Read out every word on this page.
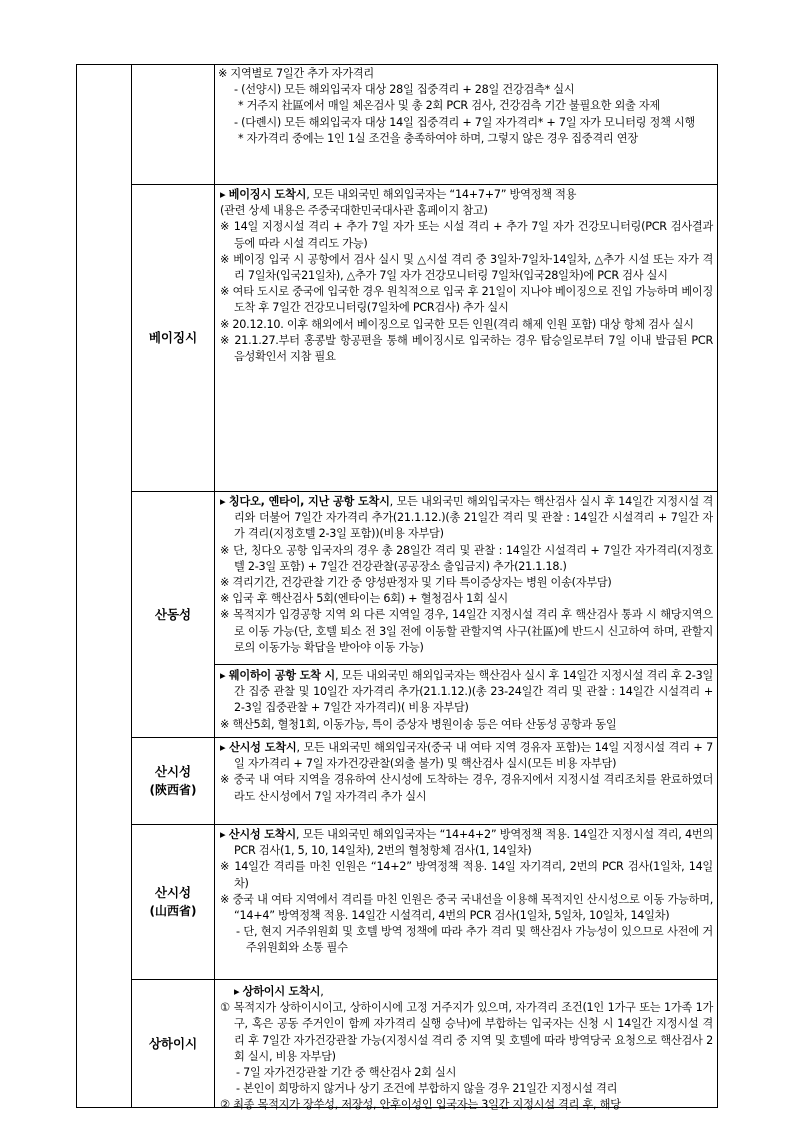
※ 지역별로 7일간 추가 자가격리

- (선양시) 모든 해외입국자 대상 28일 집중격리 + 28일 건강검측* 실시

* 거주지 社區에서 매일 체온검사 및 총 2회 PCR 검사, 건강검측 기간 불필요한 외출 자제

- (다롄시) 모든 해외입국자 대상 14일 집중격리 + 7일 자가격리* + 7일 자가 모니터링 정책 시행

* 자가격리 중에는 1인 1실 조건을 충족하여야 하며, 그렇지 않은 경우 집중격리 연장

베이징시

▸ 베이징시 도착시, 모든 내외국민 해외입국자는 “14+7+7” 방역정책 적용

(관련 상세 내용은 주중국대한민국대사관 홈페이지 참고)

※ 14일 지정시설 격리 + 추가 7일 자가 또는 시설 격리 + 추가 7일 자가 건강모니터링(PCR 검사결과 등에 따라 시설 격리도 가능)

※ 베이징 입국 시 공항에서 검사 실시 및 △시설 격리 중 3일차·7일차·14일차, △추가 시설 또는 자가 격리 7일차(입국21일차), △추가 7일 자가 건강모니터링 7일차(입국28일차)에 PCR 검사 실시

※ 여타 도시로 중국에 입국한 경우 원칙적으로 입국 후 21일이 지나야 베이징으로 진입 가능하며 베이징 도착 후 7일간 건강모니터링(7일차에 PCR검사) 추가 실시

※ 20.12.10. 이후 해외에서 베이징으로 입국한 모든 인원(격리 해제 인원 포함) 대상 항체 검사 실시

※ 21.1.27.부터 홍콩발 항공편을 통해 베이징시로 입국하는 경우 탑승일로부터 7일 이내 발급된 PCR 음성확인서 지참 필요

산동성

▸ 칭다오, 옌타이, 지난 공항 도착시, 모든 내외국민 해외입국자는 핵산검사 실시 후 14일간 지정시설 격리와 더불어 7일간 자가격리 추가(21.1.12.)(총 21일간 격리 및 관찰 : 14일간 시설격리 + 7일간 자가 격리(지정호텔 2-3일 포함))(비용 자부담)

※ 단, 칭다오 공항 입국자의 경우 총 28일간 격리 및 관찰 : 14일간 시설격리 + 7일간 자가격리(지정호텔 2-3일 포함) + 7일간 건강관찰(공공장소 출입금지) 추가(21.1.18.)

※ 격리기간, 건강관찰 기간 중 양성판정자 및 기타 특이증상자는 병원 이송(자부담)

※ 입국 후 핵산검사 5회(엔타이는 6회) + 혈청검사 1회 실시

※ 목적지가 입경공항 지역 외 다른 지역일 경우, 14일간 지정시설 격리 후 핵산검사 통과 시 해당지역으로 이동 가능(단, 호텔 퇴소 전 3일 전에 이동할 관할지역 사구(社區)에 반드시 신고하여 하며, 관할지로의 이동가능 확답을 받아야 이동 가능)

▸ 웨이하이 공항 도착 시, 모든 내외국민 해외입국자는 핵산검사 실시 후 14일간 지정시설 격리 후 2-3일간 집중 관찰 및 10일간 자가격리 추가(21.1.12.)(총 23-24일간 격리 및 관찰 : 14일간 시설격리 + 2-3일 집중관찰 + 7일간 자가격리)( 비용 자부담)

※ 핵산5회, 혈청1회, 이동가능, 특이 증상자 병원이송 등은 여타 산동성 공항과 동일

산시성
(陝西省)

▸ 산시성 도착시, 모든 내외국민 해외입국자(중국 내 여타 지역 경유자 포함)는 14일 지정시설 격리 + 7일 자가격리 + 7일 자가건강관찰(외출 불가) 및 핵산검사 실시(모든 비용 자부담)

※ 중국 내 여타 지역을 경유하여 산시성에 도착하는 경우, 경유지에서 지정시설 격리조치를 완료하였더라도 산시성에서 7일 자가격리 추가 실시

산시성
(山西省)

▸ 산시성 도착시, 모든 내외국민 해외입국자는 “14+4+2” 방역정책 적용. 14일간 지정시설 격리, 4번의 PCR 검사(1, 5, 10, 14일차), 2번의 혈청항체 검사(1, 14일차)

※ 14일간 격리를 마친 인원은 “14+2” 방역정책 적용. 14일 자기격리, 2번의 PCR 검사(1일차, 14일차)

※ 중국 내 여타 지역에서 격리를 마친 인원은 중국 국내선을 이용해 목적지인 산시성으로 이동 가능하며, “14+4” 방역정책 적용. 14일간 시설격리, 4번의 PCR 검사(1일차, 5일차, 10일차, 14일차)

- 단, 현지 거주위원회 및 호텔 방역 정책에 따라 추가 격리 및 핵산검사 가능성이 있으므로 사전에 거주위원회와 소통 필수

상하이시

▸ 상하이시 도착시,

① 목적지가 상하이시이고, 상하이시에 고정 거주지가 있으며, 자가격리 조건(1인 1가구 또는 1가족 1가구, 혹은 공동 주거인이 함께 자가격리 실행 승낙)에 부합하는 입국자는 신청 시 14일간 지정시설 격리 후 7일간 자가건강관찰 가능(지정시설 격리 중 지역 및 호텔에 따라 방역당국 요청으로 핵산검사 2회 실시, 비용 자부담)

- 7일 자가건강관찰 기간 중 핵산검사 2회 실시

- 본인이 희망하지 않거나 상기 조건에 부합하지 않을 경우 21일간 지정시설 격리

② 최종 목적지가 장쑤성, 저장성, 안후이성인 입국자는 3일간 지정시설 격리 후, 해당
